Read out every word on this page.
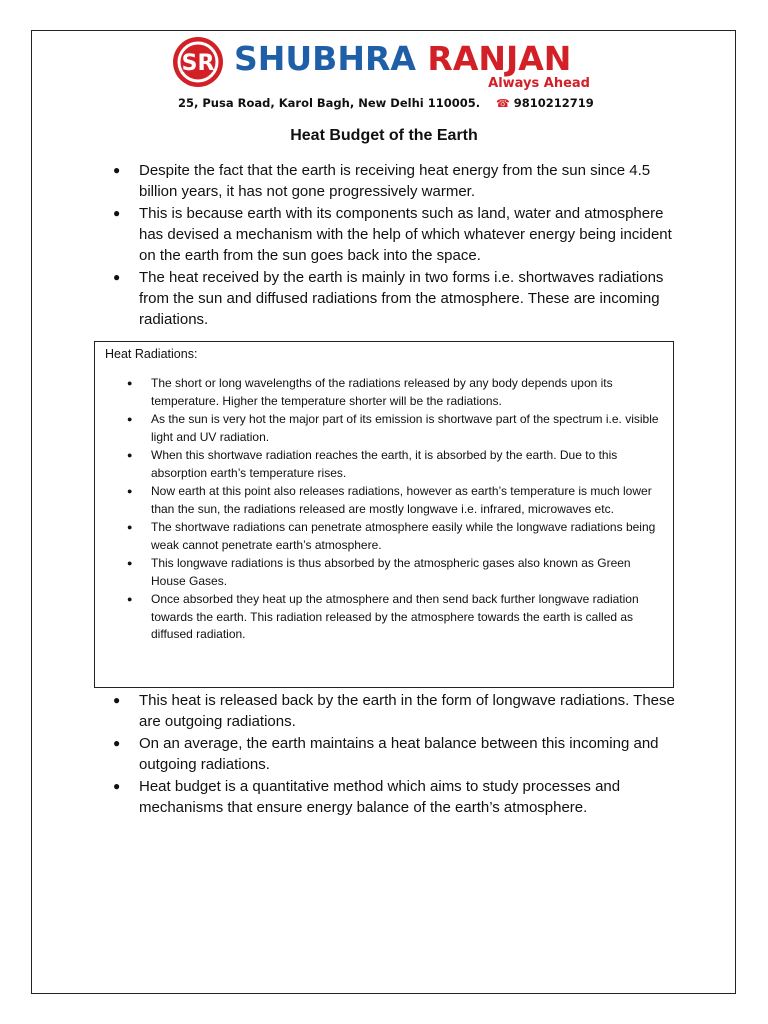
SR SHUBHRA RANJAN
Always Ahead
25, Pusa Road, Karol Bagh, New Delhi 110005. ☎ 9810212719
Heat Budget of the Earth
● Despite the fact that the earth is receiving heat energy from the sun since 4.5 billion years, it has not gone progressively warmer.
● This is because earth with its components such as land, water and atmosphere has devised a mechanism with the help of which whatever energy being incident on the earth from the sun goes back into the space.
● The heat received by the earth is mainly in two forms i.e. shortwaves radiations from the sun and diffused radiations from the atmosphere. These are incoming radiations.
Heat Radiations:
● The short or long wavelengths of the radiations released by any body depends upon its temperature. Higher the temperature shorter will be the radiations.
● As the sun is very hot the major part of its emission is shortwave part of the spectrum i.e. visible light and UV radiation.
● When this shortwave radiation reaches the earth, it is absorbed by the earth. Due to this absorption earth’s temperature rises.
● Now earth at this point also releases radiations, however as earth’s temperature is much lower than the sun, the radiations released are mostly longwave i.e. infrared, microwaves etc.
● The shortwave radiations can penetrate atmosphere easily while the longwave radiations being weak cannot penetrate earth’s atmosphere.
● This longwave radiations is thus absorbed by the atmospheric gases also known as Green House Gases.
● Once absorbed they heat up the atmosphere and then send back further longwave radiation towards the earth. This radiation released by the atmosphere towards the earth is called as diffused radiation.
● This heat is released back by the earth in the form of longwave radiations. These are outgoing radiations.
● On an average, the earth maintains a heat balance between this incoming and outgoing radiations.
● Heat budget is a quantitative method which aims to study processes and mechanisms that ensure energy balance of the earth’s atmosphere.
